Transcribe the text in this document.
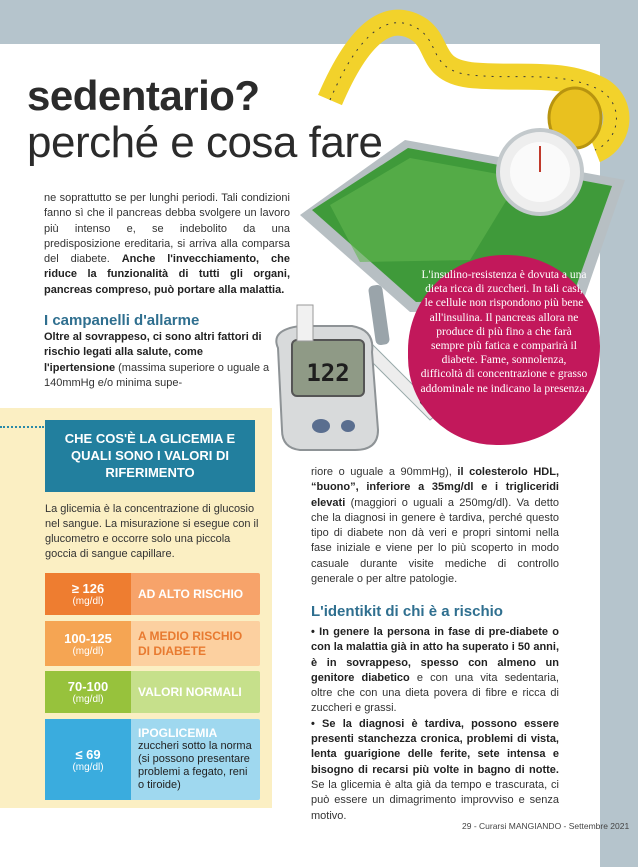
122
L'insulino-resistenza è dovuta a una dieta ricca di zuccheri. In tali casi, le cellule non rispondono più bene all'insulina. Il pancreas allora ne produce di più fino a che farà sempre più fatica e comparirà il diabete. Fame, sonnolenza, difficoltà di concentrazione e grasso addominale ne indicano la presenza.
sedentario?
perché e cosa fare
ne soprattutto se per lunghi periodi. Tali condizioni fanno sì che il pancreas debba svolgere un lavoro più intenso e, se indebolito da una predisposizione ereditaria, si arriva alla comparsa del diabete. Anche l'invecchiamento, che riduce la funzionalità di tutti gli organi, pancreas compreso, può portare alla malattia.
I campanelli d'allarme
Oltre al sovrappeso, ci sono altri fattori di rischio legati alla salute, come l'ipertensione (massima superiore o uguale a 140mmHg e/o minima supe-
CHE COS'È LA GLICEMIA E QUALI SONO I VALORI DI RIFERIMENTO
La glicemia è la concentrazione di glucosio nel sangue. La misurazione si esegue con il glucometro e occorre solo una piccola goccia di sangue capillare.
≥ 126
(mg/dl)
AD ALTO RISCHIO
100-125
(mg/dl)
A MEDIO RISCHIO DI DIABETE
70-100
(mg/dl)
VALORI NORMALI
≤ 69
(mg/dl)
IPOGLICEMIA
zuccheri sotto la norma (si possono presentare problemi a fegato, reni o tiroide)
riore o uguale a 90mmHg), il colesterolo HDL, “buono”, inferiore a 35mg/dl e i trigliceridi elevati (maggiori o uguali a 250mg/dl). Va detto che la diagnosi in genere è tardiva, perché questo tipo di diabete non dà veri e propri sintomi nella fase iniziale e viene per lo più scoperto in modo casuale durante visite mediche di controllo generale o per altre patologie.
L'identikit di chi è a rischio
• In genere la persona in fase di pre-diabete o con la malattia già in atto ha superato i 50 anni, è in sovrappeso, spesso con almeno un genitore diabetico e con una vita sedentaria, oltre che con una dieta povera di fibre e ricca di zuccheri e grassi.
• Se la diagnosi è tardiva, possono essere presenti stanchezza cronica, problemi di vista, lenta guarigione delle ferite, sete intensa e bisogno di recarsi più volte in bagno di notte. Se la glicemia è alta già da tempo e trascurata, ci può essere un dimagrimento improvviso e senza motivo.
29 - Curarsi MANGIANDO - Settembre 2021
